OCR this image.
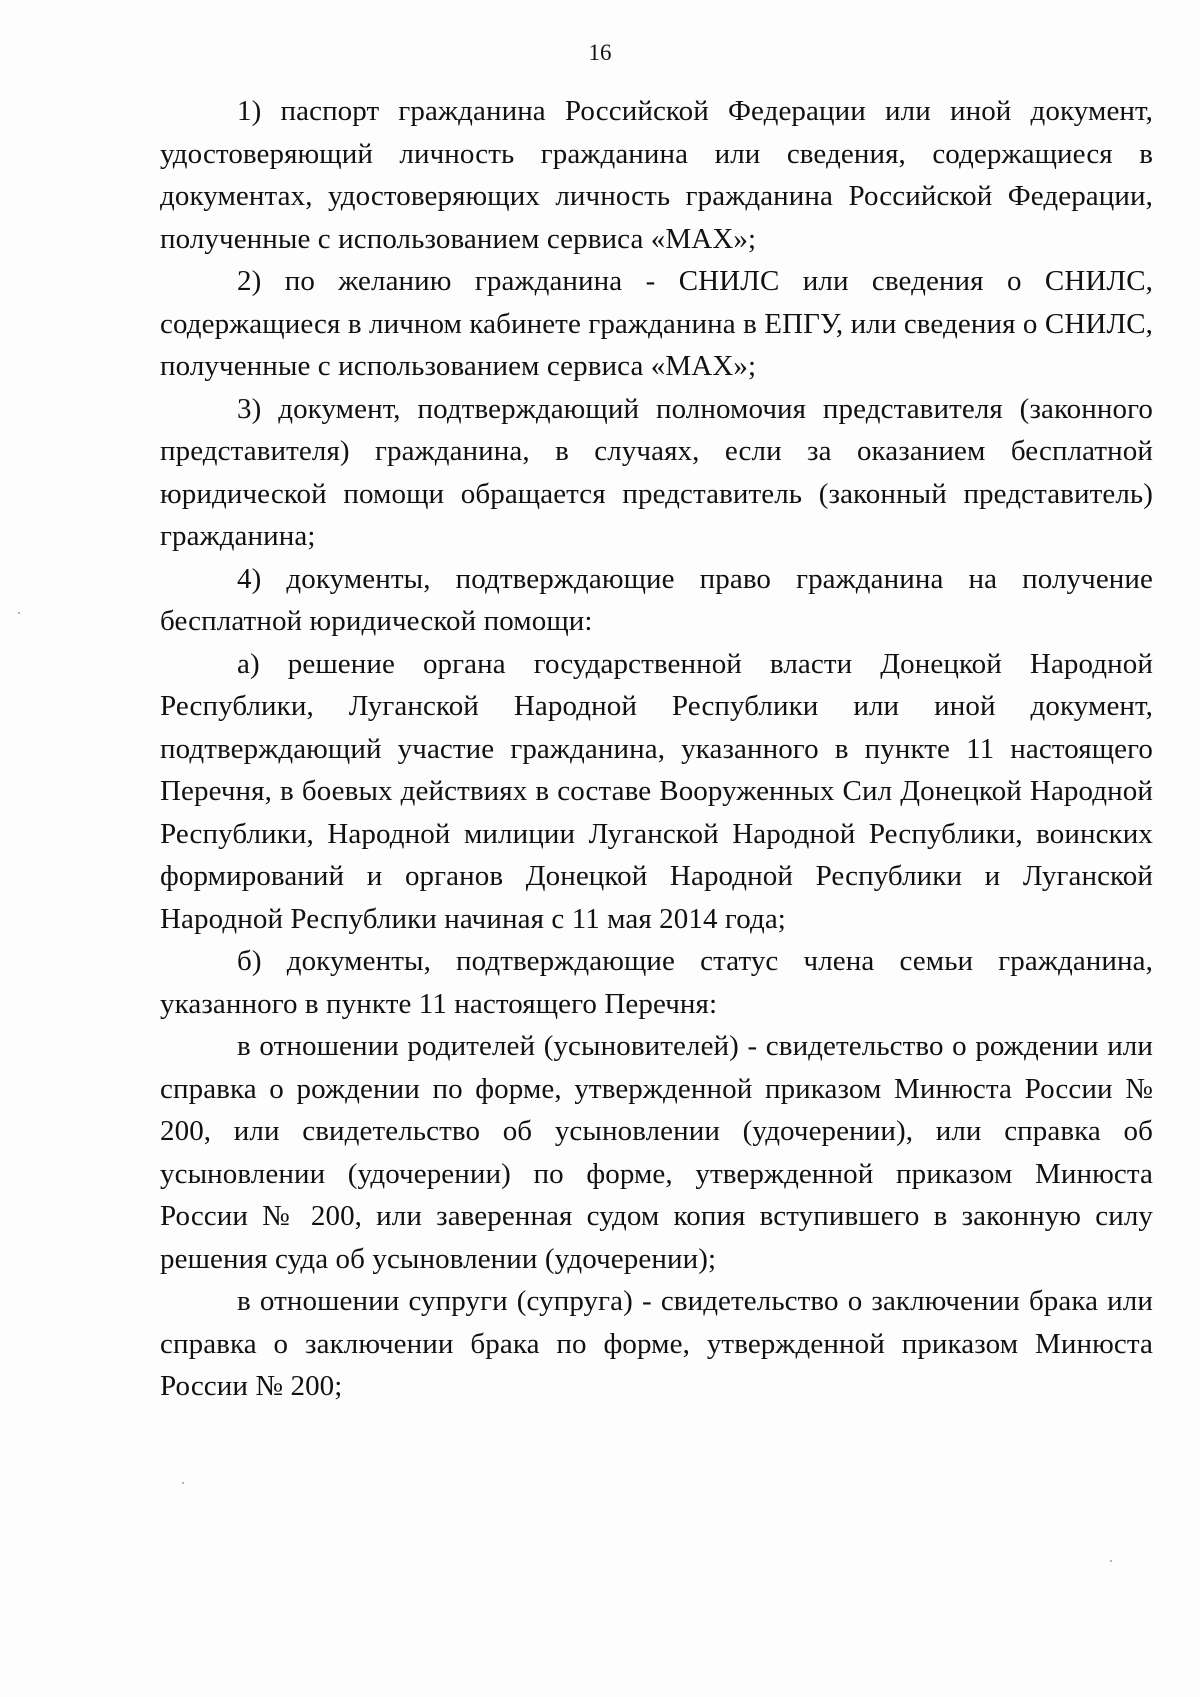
16

1) паспорт гражданина Российской Федерации или иной документ, удостоверяющий личность гражданина или сведения, содержащиеся в документах, удостоверяющих личность гражданина Российской Федерации, полученные с использованием сервиса «MAX»;

2) по желанию гражданина - СНИЛС или сведения о СНИЛС, содержащиеся в личном кабинете гражданина в ЕПГУ, или сведения о СНИЛС, полученные с использованием сервиса «MAX»;

3) документ, подтверждающий полномочия представителя (законного представителя) гражданина, в случаях, если за оказанием бесплатной юридической помощи обращается представитель (законный представитель) гражданина;

4) документы, подтверждающие право гражданина на получение бесплатной юридической помощи:

а) решение органа государственной власти Донецкой Народной Республики, Луганской Народной Республики или иной документ, подтверждающий участие гражданина, указанного в пункте 11 настоящего Перечня, в боевых действиях в составе Вооруженных Сил Донецкой Народной Республики, Народной милиции Луганской Народной Республики, воинских формирований и органов Донецкой Народной Республики и Луганской Народной Республики начиная с 11 мая 2014 года;

б) документы, подтверждающие статус члена семьи гражданина, указанного в пункте 11 настоящего Перечня:

в отношении родителей (усыновителей) - свидетельство о рождении или справка о рождении по форме, утвержденной приказом Минюста России № 200, или свидетельство об усыновлении (удочерении), или справка об усыновлении (удочерении) по форме, утвержденной приказом Минюста России № 200, или заверенная судом копия вступившего в законную силу решения суда об усыновлении (удочерении);

в отношении супруги (супруга) - свидетельство о заключении брака или справка о заключении брака по форме, утвержденной приказом Минюста России № 200;
